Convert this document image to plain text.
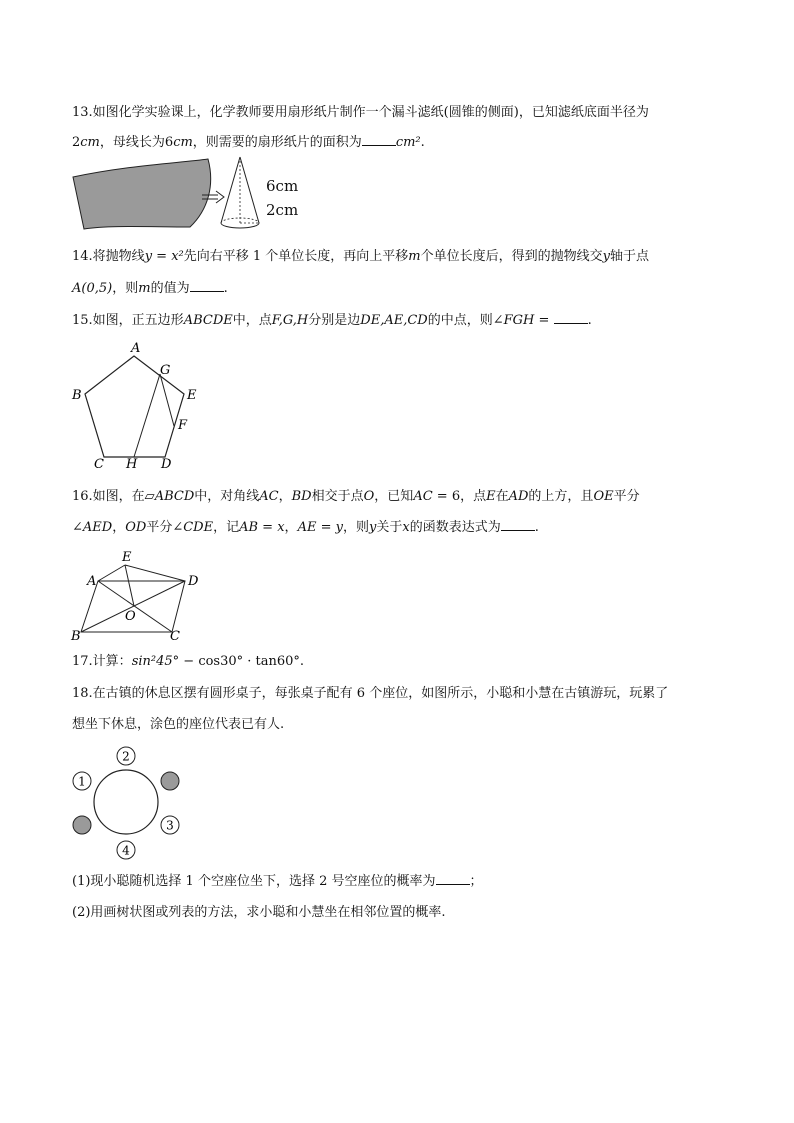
13.如图化学实验课上，化学教师要用扇形纸片制作一个漏斗滤纸(圆锥的侧面)，已知滤纸底面半径为
2cm，母线长为6cm，则需要的扇形纸片的面积为	cm².
6cm
2cm
14.将抛物线y = x²先向右平移 1 个单位长度，再向上平移m个单位长度后，得到的抛物线交y轴于点
A(0,5)，则m的值为	.
15.如图，正五边形ABCDE中，点F,G,H分别是边DE,AE,CD的中点，则∠FGH =	.
A
B
C	D
E
F
G
H
16.如图，在▱ABCD中，对角线AC，BD相交于点O，已知AC = 6，点E在AD的上方，且OE平分
∠AED，OD平分∠CDE，记AB = x，AE = y，则y关于x的函数表达式为	.
A
B	C
D
E
O
17.计算：sin²45° − cos30° · tan60°.
18.在古镇的休息区摆有圆形桌子，每张桌子配有 6 个座位，如图所示，小聪和小慧在古镇游玩，玩累了
想坐下休息，涂色的座位代表已有人.
2
1
3
4
(1)现小聪随机选择 1 个空座位坐下，选择 2 号空座位的概率为	；
(2)用画树状图或列表的方法，求小聪和小慧坐在相邻位置的概率.
